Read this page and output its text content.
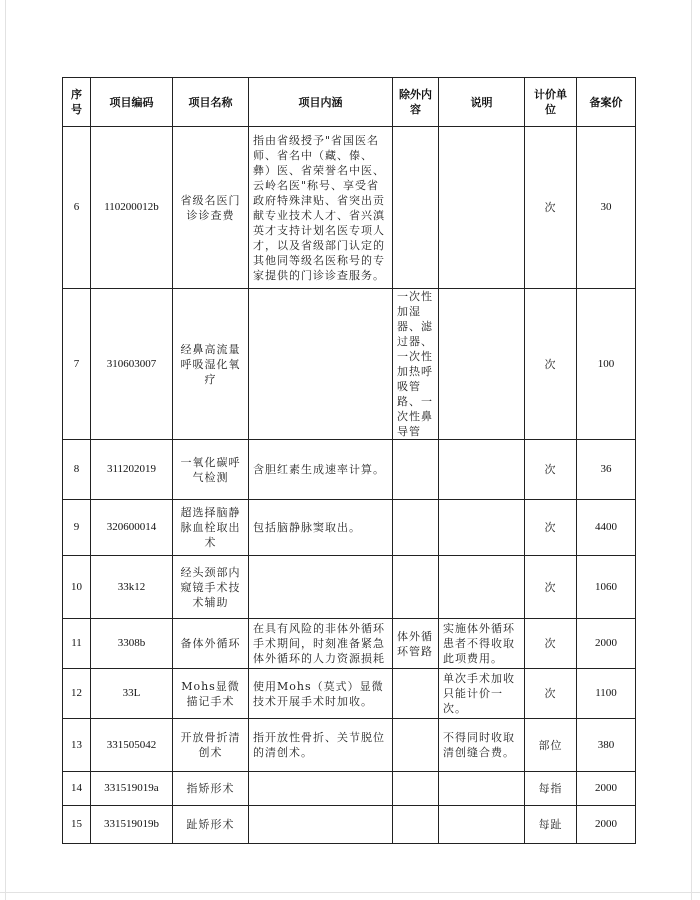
序号	项目编码	项目名称	项目内涵	除外内容	说明	计价单位	备案价
6	110200012b	省级名医门诊诊查费	指由省级授予"省国医名师、省名中（藏、傣、彝）医、省荣誉名中医、云岭名医"称号、享受省政府特殊津贴、省突出贡献专业技术人才、省兴滇英才支持计划名医专项人才，以及省级部门认定的其他同等级名医称号的专家提供的门诊诊查服务。			次	30
7	310603007	经鼻高流量呼吸湿化氧疗		一次性加湿器、滤过器、一次性加热呼吸管路、一次性鼻导管		次	100
8	311202019	一氧化碳呼气检测	含胆红素生成速率计算。			次	36
9	320600014	超选择脑静脉血栓取出术	包括脑静脉窦取出。			次	4400
10	33k12	经头颈部内窥镜手术技术辅助				次	1060
11	3308b	备体外循环	在具有风险的非体外循环手术期间，时刻准备紧急体外循环的人力资源损耗	体外循环管路	实施体外循环患者不得收取此项费用。	次	2000
12	33L	Mohs显微描记手术	使用Mohs（莫式）显微技术开展手术时加收。		单次手术加收只能计价一次。	次	1100
13	331505042	开放骨折清创术	指开放性骨折、关节脱位的清创术。		不得同时收取清创缝合费。	部位	380
14	331519019a	指矫形术				每指	2000
15	331519019b	趾矫形术				每趾	2000
